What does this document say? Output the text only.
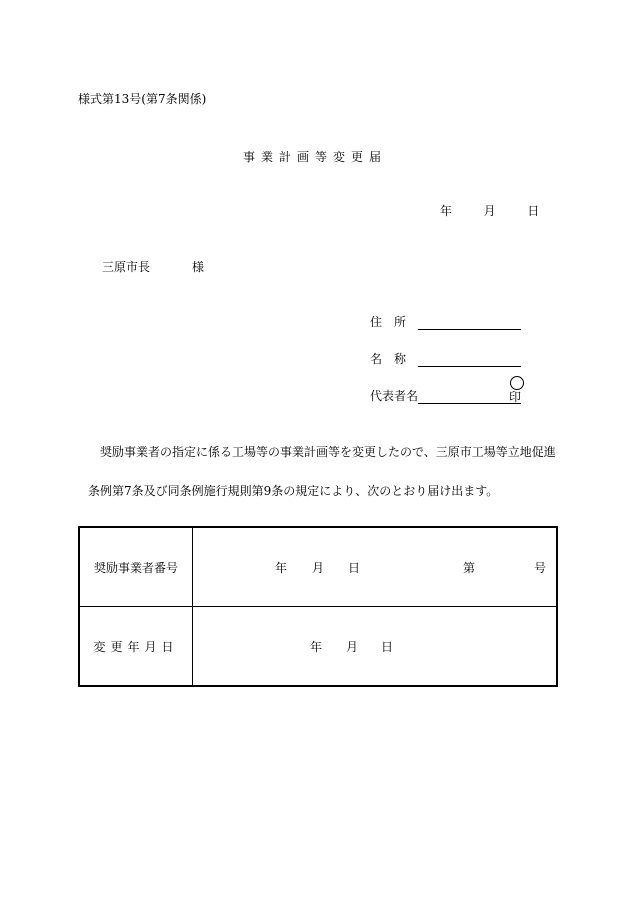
様式第13号(第7条関係)
事業計画等変更届
年	月	日
三原市長	様
住　所
名　称
代表者名	印
奨励事業者の指定に係る工場等の事業計画等を変更したので、三原市工場等立地促進
条例第7条及び同条例施行規則第9条の規定により、次のとおり届け出ます。
奨励事業者番号	年 月 日 第 号

変更年月日	年 月 日
